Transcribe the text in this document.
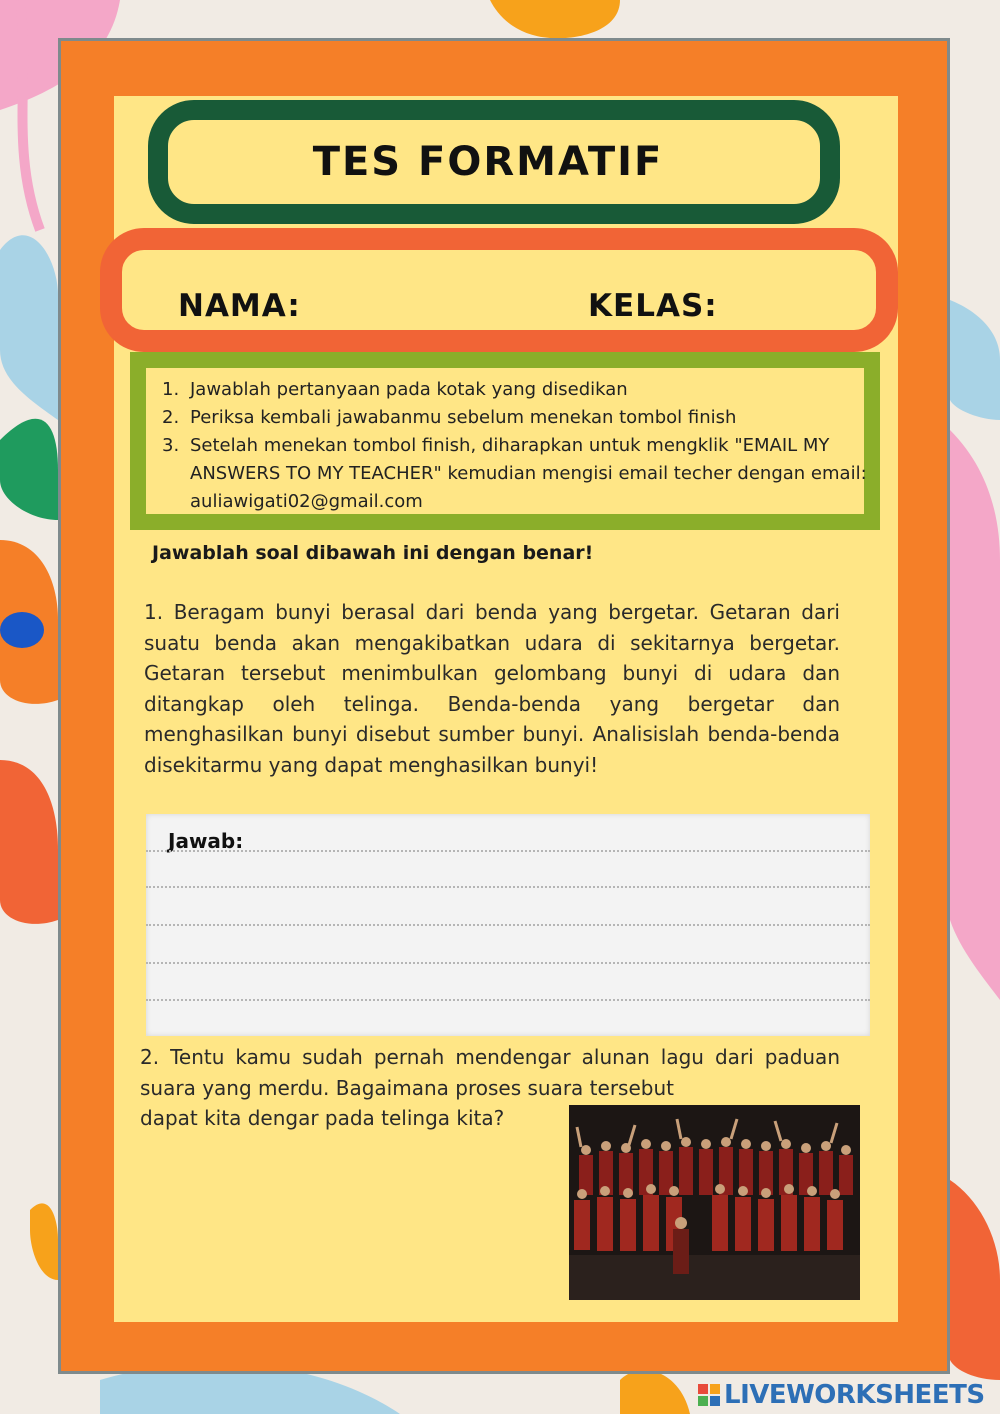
TES FORMATIF
NAMA:	KELAS:
1. Jawablah pertanyaan pada kotak yang disedikan
2. Periksa kembali jawabanmu sebelum menekan tombol finish
3. Setelah menekan tombol finish, diharapkan untuk mengklik "EMAIL MY ANSWERS TO MY TEACHER" kemudian mengisi email techer dengan email: auliawigati02@gmail.com
Jawablah soal dibawah ini dengan benar!
1. Beragam bunyi berasal dari benda yang bergetar. Getaran dari suatu benda akan mengakibatkan udara di sekitarnya bergetar. Getaran tersebut menimbulkan gelombang bunyi di udara dan ditangkap oleh telinga. Benda-benda yang bergetar dan menghasilkan bunyi disebut sumber bunyi. Analisislah benda-benda disekitarmu yang dapat menghasilkan bunyi!
Jawab:
2. Tentu kamu sudah pernah mendengar alunan lagu dari paduan suara yang merdu. Bagaimana proses suara tersebut
dapat kita dengar pada telinga kita?
LIVEWORKSHEETS
